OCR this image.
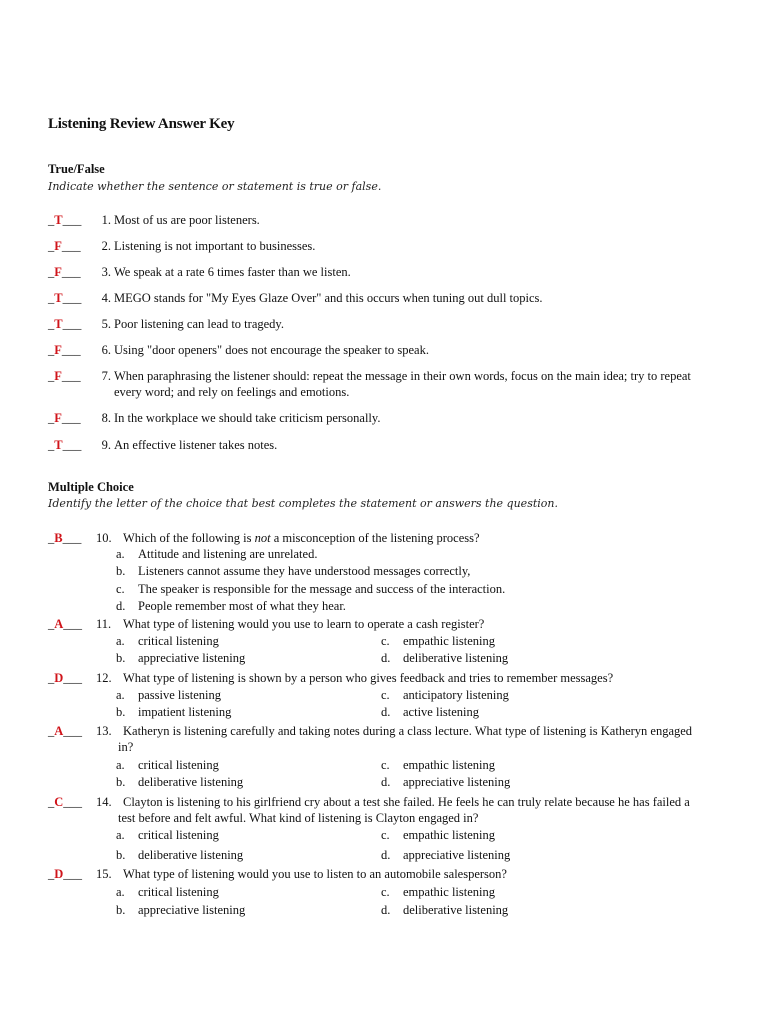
Listening Review Answer Key
True/False
Indicate whether the sentence or statement is true or false.
_T___	1. Most of us are poor listeners.
_F___	2. Listening is not important to businesses.
_F___	3. We speak at a rate 6 times faster than we listen.
_T___	4. MEGO stands for "My Eyes Glaze Over" and this occurs when tuning out dull topics.
_T___	5. Poor listening can lead to tragedy.
_F___	6. Using "door openers" does not encourage the speaker to speak.
_F___	7. When paraphrasing the listener should: repeat the message in their own words, focus on the main idea; try to repeat every word; and rely on feelings and emotions.
_F___	8. In the workplace we should take criticism personally.
_T___	9. An effective listener takes notes.
Multiple Choice
Identify the letter of the choice that best completes the statement or answers the question.
_B___ 10. Which of the following is not a misconception of the listening process?
a.	Attitude and listening are unrelated.
b.	Listeners cannot assume they have understood messages correctly,
c.	The speaker is responsible for the message and success of the interaction.
d.	People remember most of what they hear.
_A___ 11. What type of listening would you use to learn to operate a cash register?
a.	critical listening	c.	empathic listening
b.	appreciative listening	d.	deliberative listening
_D___ 12. What type of listening is shown by a person who gives feedback and tries to remember messages?
a.	passive listening	c.	anticipatory listening
b.	impatient listening	d.	active listening
_A___ 13. Katheryn is listening carefully and taking notes during a class lecture. What type of listening is Katheryn engaged in?
a.	critical listening	c.	empathic listening
b.	deliberative listening	d.	appreciative listening
_C___ 14. Clayton is listening to his girlfriend cry about a test she failed. He feels he can truly relate because he has failed a test before and felt awful. What kind of listening is Clayton engaged in?
a.	critical listening	c.	empathic listening
b.	deliberative listening	d.	appreciative listening
_D___ 15. What type of listening would you use to listen to an automobile salesperson?
a.	critical listening	c.	empathic listening
b.	appreciative listening	d.	deliberative listening
